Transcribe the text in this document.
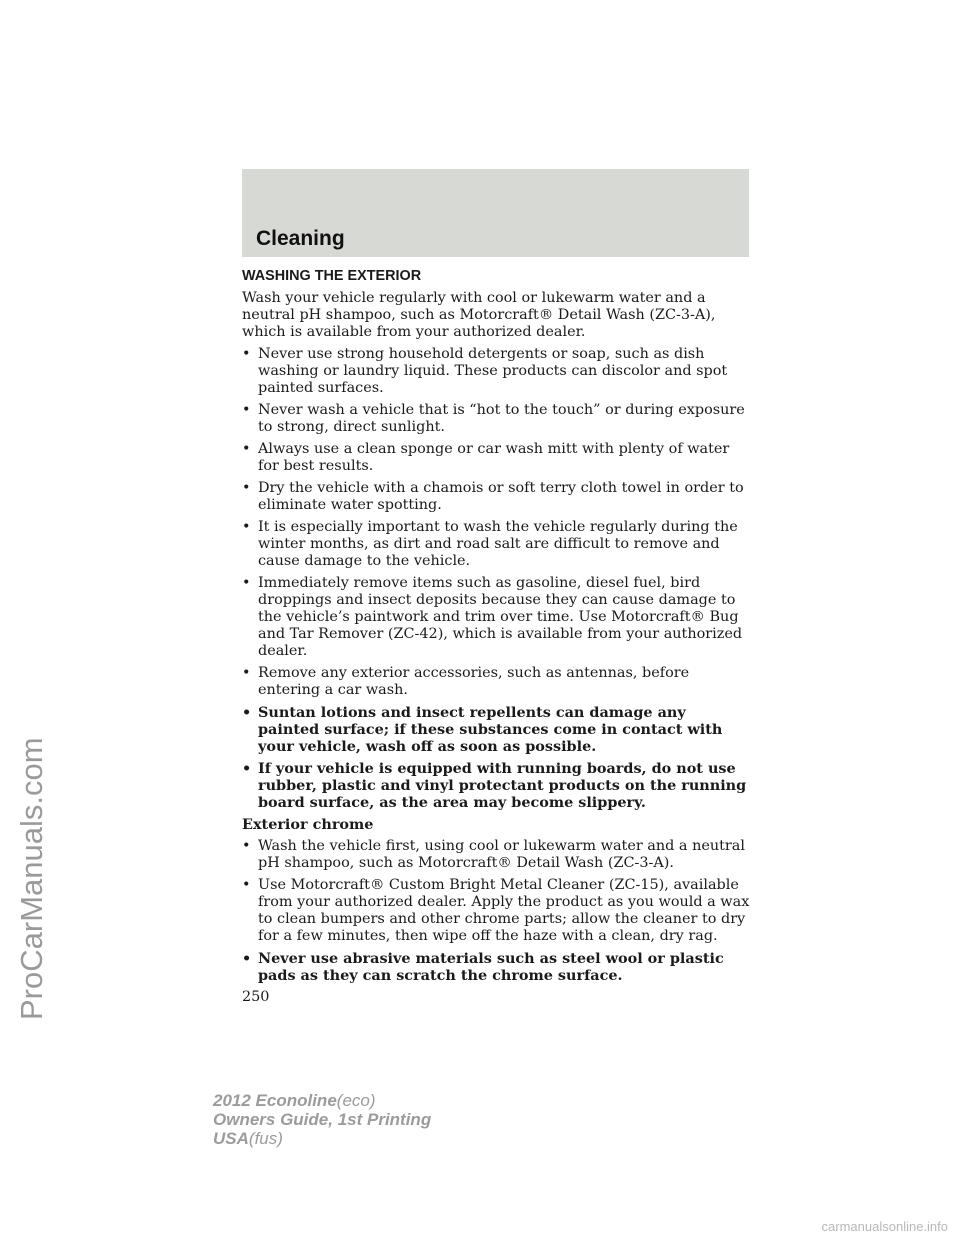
Cleaning
WASHING THE EXTERIOR
Wash your vehicle regularly with cool or lukewarm water and a neutral pH shampoo, such as Motorcraft® Detail Wash (ZC-3-A), which is available from your authorized dealer.
• Never use strong household detergents or soap, such as dish washing or laundry liquid. These products can discolor and spot painted surfaces.
• Never wash a vehicle that is “hot to the touch” or during exposure to strong, direct sunlight.
• Always use a clean sponge or car wash mitt with plenty of water for best results.
• Dry the vehicle with a chamois or soft terry cloth towel in order to eliminate water spotting.
• It is especially important to wash the vehicle regularly during the winter months, as dirt and road salt are difficult to remove and cause damage to the vehicle.
• Immediately remove items such as gasoline, diesel fuel, bird droppings and insect deposits because they can cause damage to the vehicle’s paintwork and trim over time. Use Motorcraft® Bug and Tar Remover (ZC-42), which is available from your authorized dealer.
• Remove any exterior accessories, such as antennas, before entering a car wash.
• Suntan lotions and insect repellents can damage any painted surface; if these substances come in contact with your vehicle, wash off as soon as possible.
• If your vehicle is equipped with running boards, do not use rubber, plastic and vinyl protectant products on the running board surface, as the area may become slippery.
Exterior chrome
• Wash the vehicle first, using cool or lukewarm water and a neutral pH shampoo, such as Motorcraft® Detail Wash (ZC-3-A).
• Use Motorcraft® Custom Bright Metal Cleaner (ZC-15), available from your authorized dealer. Apply the product as you would a wax to clean bumpers and other chrome parts; allow the cleaner to dry for a few minutes, then wipe off the haze with a clean, dry rag.
• Never use abrasive materials such as steel wool or plastic pads as they can scratch the chrome surface.
250
ProCarManuals.com
2012 Econoline(eco)
Owners Guide, 1st Printing
USA(fus)
carmanualsonline.info
